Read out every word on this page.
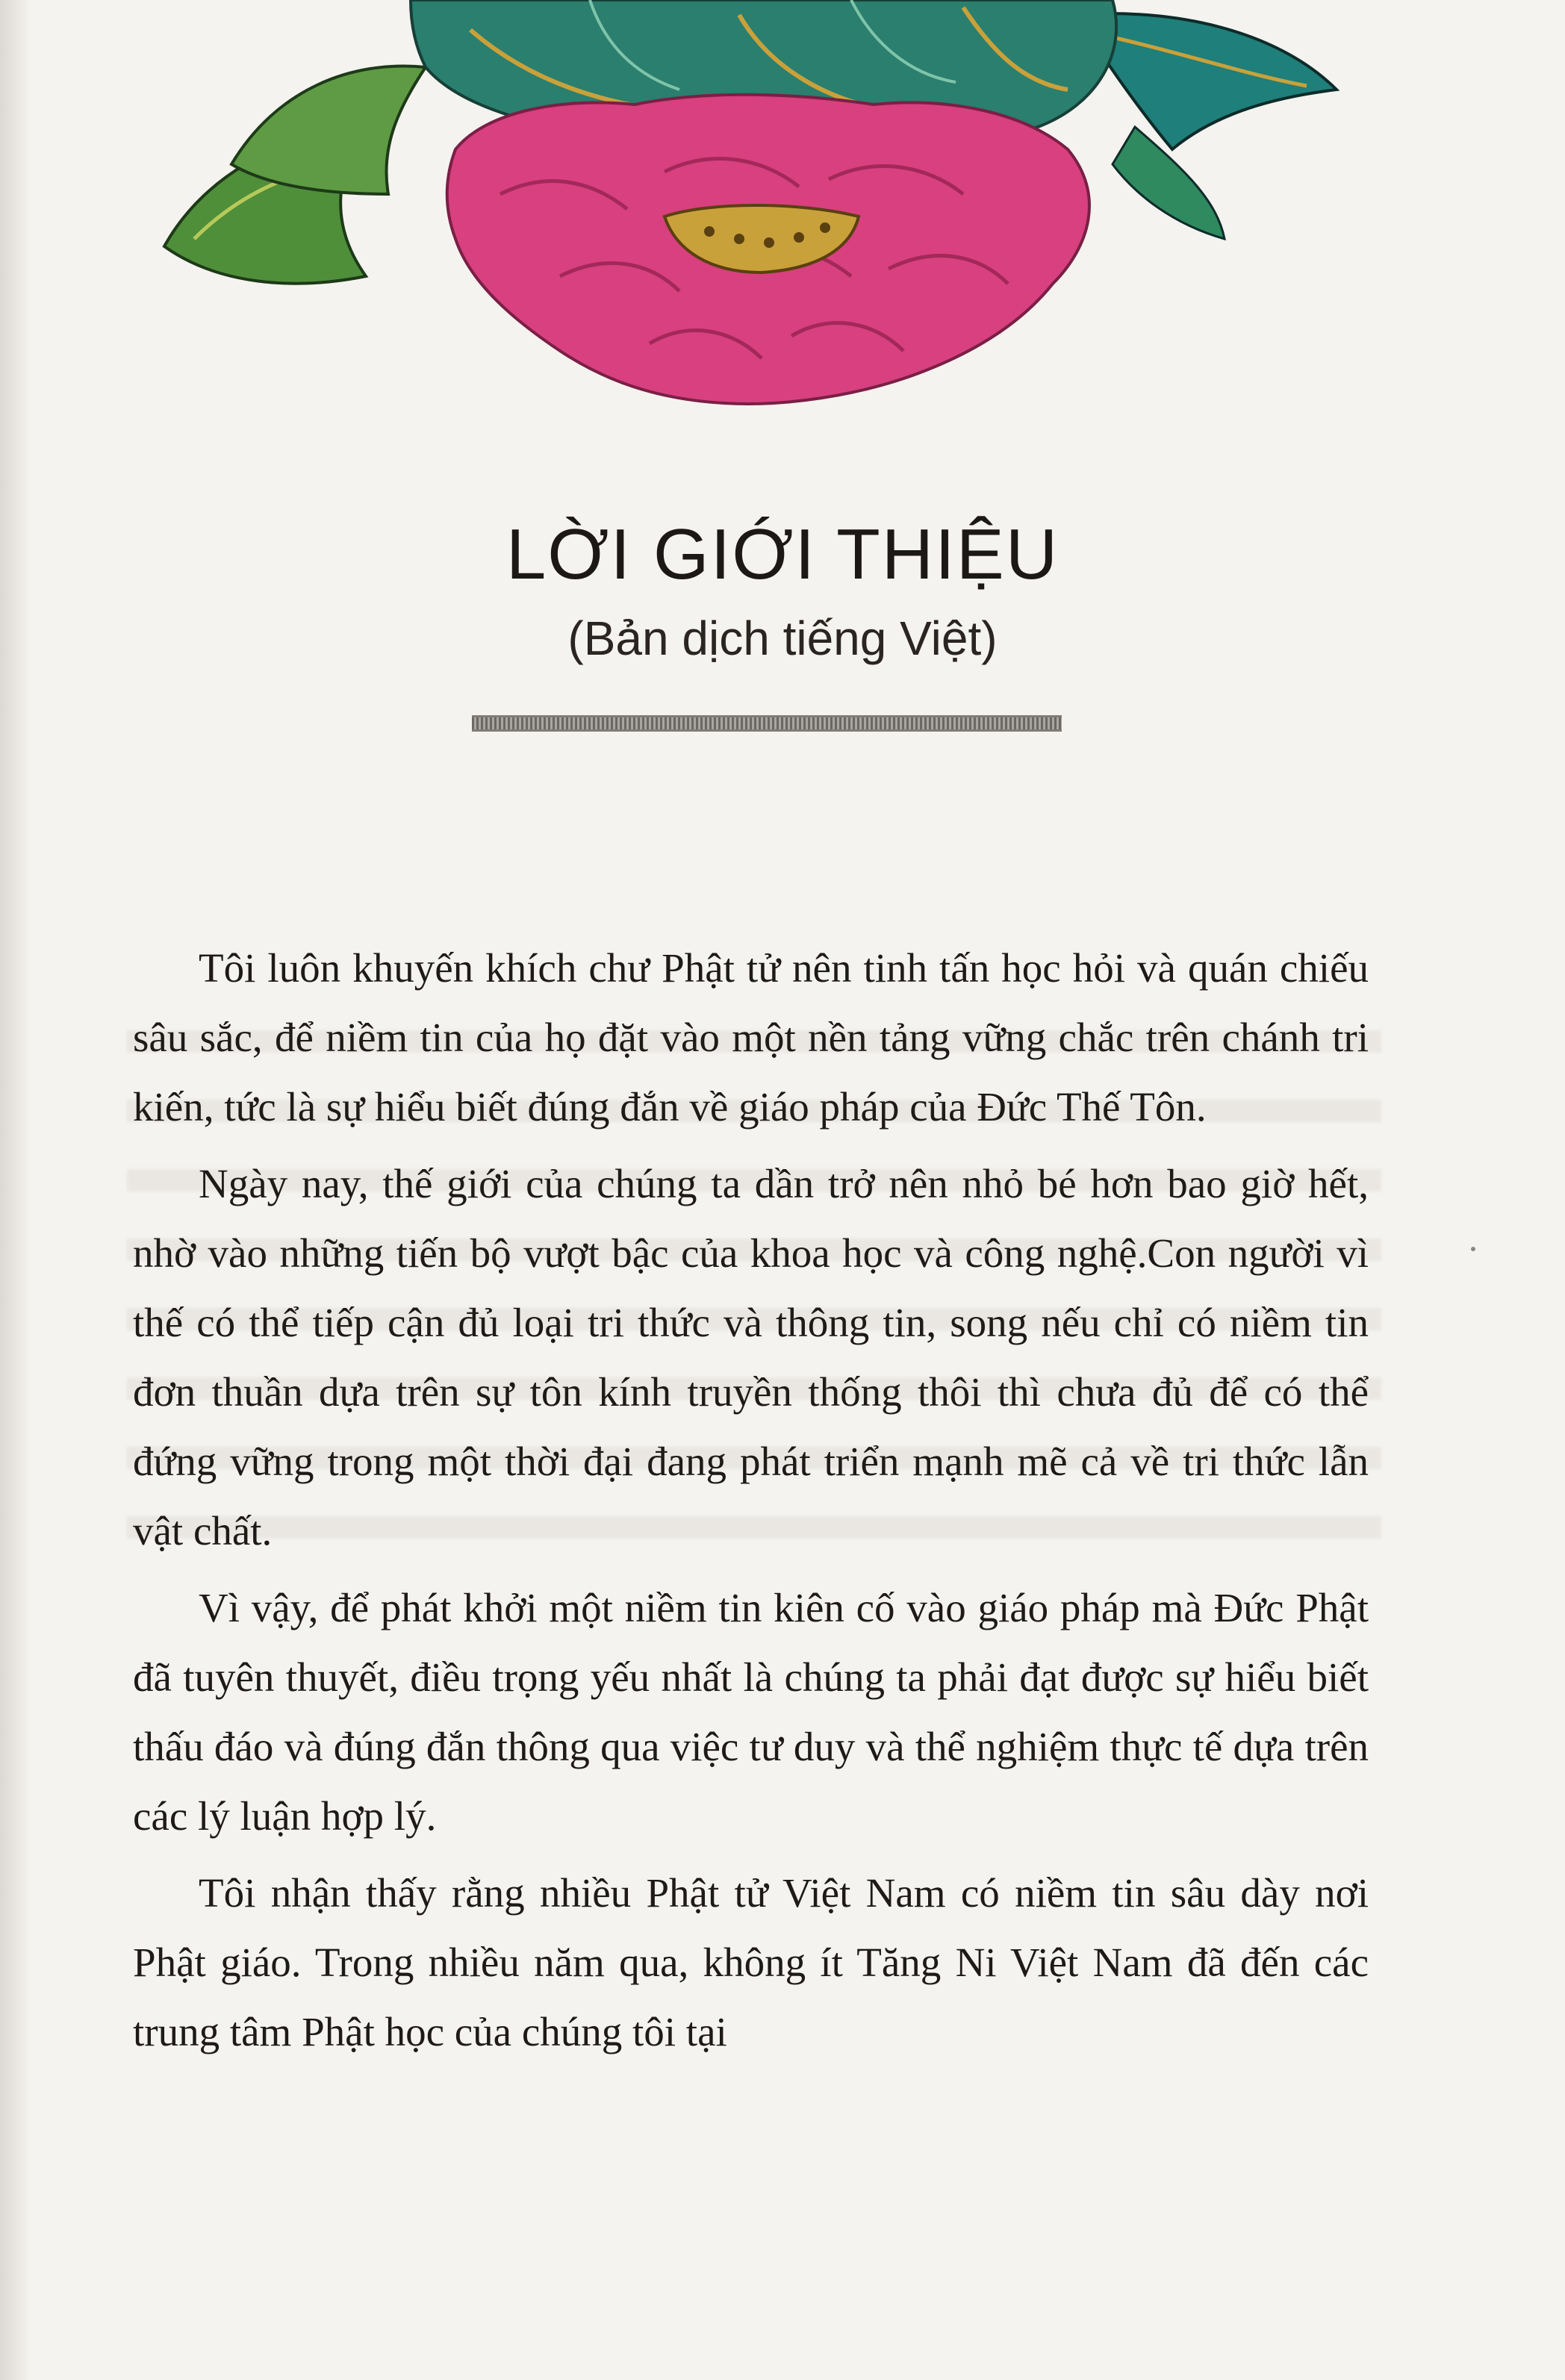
LỜI GIỚI THIỆU
(Bản dịch tiếng Việt)

Tôi luôn khuyến khích chư Phật tử nên tinh tấn học hỏi và quán chiếu sâu sắc, để niềm tin của họ đặt vào một nền tảng vững chắc trên chánh tri kiến, tức là sự hiểu biết đúng đắn về giáo pháp của Đức Thế Tôn.

Ngày nay, thế giới của chúng ta dần trở nên nhỏ bé hơn bao giờ hết, nhờ vào những tiến bộ vượt bậc của khoa học và công nghệ.Con người vì thế có thể tiếp cận đủ loại tri thức và thông tin, song nếu chỉ có niềm tin đơn thuần dựa trên sự tôn kính truyền thống thôi thì chưa đủ để có thể đứng vững trong một thời đại đang phát triển mạnh mẽ cả về tri thức lẫn vật chất.

Vì vậy, để phát khởi một niềm tin kiên cố vào giáo pháp mà Đức Phật đã tuyên thuyết, điều trọng yếu nhất là chúng ta phải đạt được sự hiểu biết thấu đáo và đúng đắn thông qua việc tư duy và thể nghiệm thực tế dựa trên các lý luận hợp lý.

Tôi nhận thấy rằng nhiều Phật tử Việt Nam có niềm tin sâu dày nơi Phật giáo. Trong nhiều năm qua, không ít Tăng Ni Việt Nam đã đến các trung tâm Phật học của chúng tôi tại
